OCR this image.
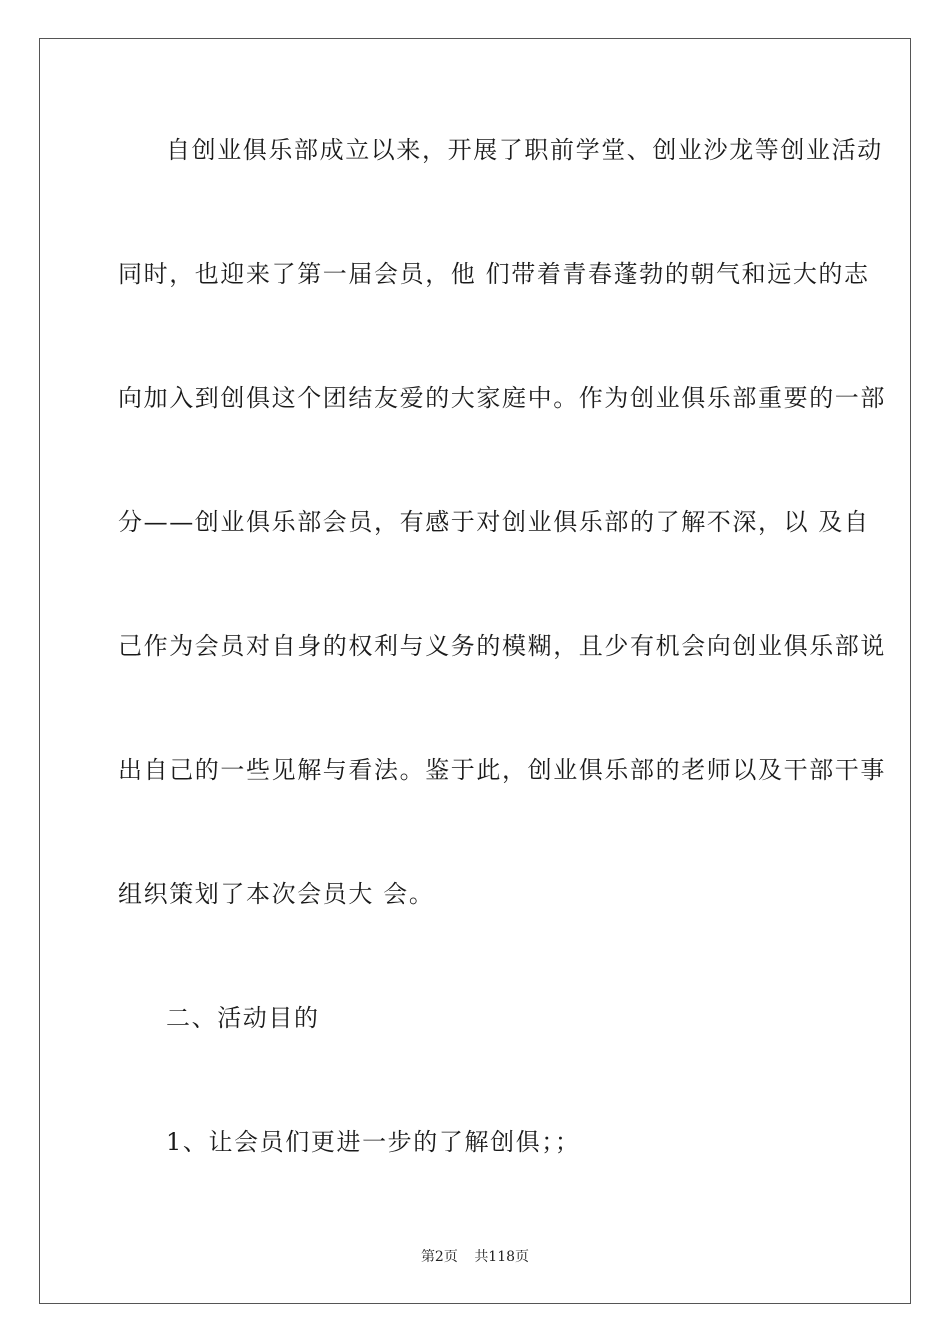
自创业俱乐部成立以来，开展了职前学堂、创业沙龙等创业活动
同时，也迎来了第一届会员，他 们带着青春蓬勃的朝气和远大的志
向加入到创俱这个团结友爱的大家庭中。作为创业俱乐部重要的一部
分——创业俱乐部会员，有感于对创业俱乐部的了解不深，以 及自
己作为会员对自身的权利与义务的模糊，且少有机会向创业俱乐部说
出自己的一些见解与看法。鉴于此，创业俱乐部的老师以及干部干事
组织策划了本次会员大 会。
二、活动目的
1、让会员们更进一步的了解创俱；；
第2页 共118页
